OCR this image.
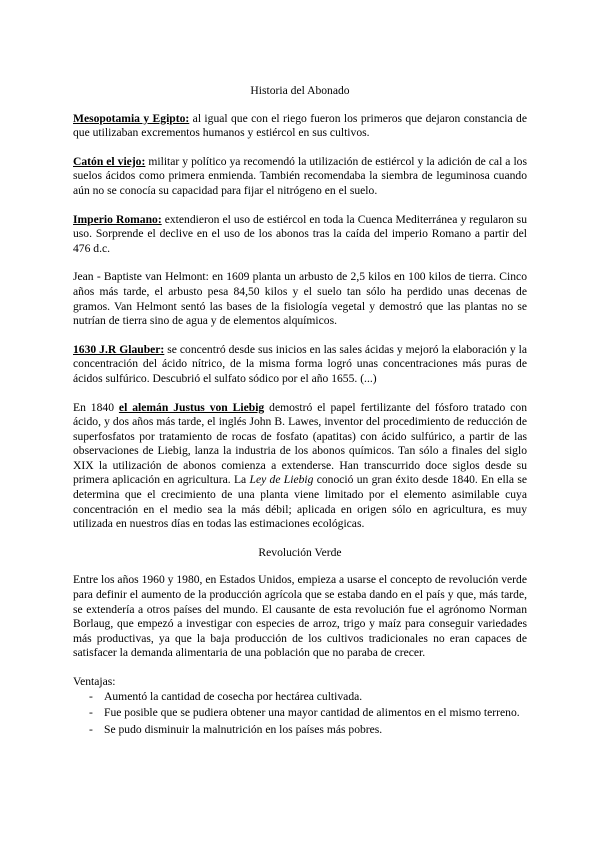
Historia del Abonado

Mesopotamia y Egipto: al igual que con el riego fueron los primeros que dejaron constancia de que utilizaban excrementos humanos y estiércol en sus cultivos.

Catón el viejo: militar y político ya recomendó la utilización de estiércol y la adición de cal a los suelos ácidos como primera enmienda. También recomendaba la siembra de leguminosa cuando aún no se conocía su capacidad para fijar el nitrógeno en el suelo.

Imperio Romano: extendieron el uso de estiércol en toda la Cuenca Mediterránea y regularon su uso. Sorprende el declive en el uso de los abonos tras la caída del imperio Romano a partir del 476 d.c.

Jean - Baptiste van Helmont: en 1609 planta un arbusto de 2,5 kilos en 100 kilos de tierra. Cinco años más tarde, el arbusto pesa 84,50 kilos y el suelo tan sólo ha perdido unas decenas de gramos. Van Helmont sentó las bases de la fisiología vegetal y demostró que las plantas no se nutrían de tierra sino de agua y de elementos alquímicos.

1630 J.R Glauber: se concentró desde sus inicios en las sales ácidas y mejoró la elaboración y la concentración del ácido nítrico, de la misma forma logró unas concentraciones más puras de ácidos sulfúrico. Descubrió el sulfato sódico por el año 1655. (...)

En 1840 el alemán Justus von Liebig demostró el papel fertilizante del fósforo tratado con ácido, y dos años más tarde, el inglés John B. Lawes, inventor del procedimiento de reducción de superfosfatos por tratamiento de rocas de fosfato (apatitas) con ácido sulfúrico, a partir de las observaciones de Liebig, lanza la industria de los abonos químicos. Tan sólo a finales del siglo XIX la utilización de abonos comienza a extenderse. Han transcurrido doce siglos desde su primera aplicación en agricultura. La Ley de Liebig conoció un gran éxito desde 1840. En ella se determina que el crecimiento de una planta viene limitado por el elemento asimilable cuya concentración en el medio sea la más débil; aplicada en origen sólo en agricultura, es muy utilizada en nuestros días en todas las estimaciones ecológicas.

Revolución Verde

Entre los años 1960 y 1980, en Estados Unidos, empieza a usarse el concepto de revolución verde para definir el aumento de la producción agrícola que se estaba dando en el país y que, más tarde, se extendería a otros países del mundo. El causante de esta revolución fue el agrónomo Norman Borlaug, que empezó a investigar con especies de arroz, trigo y maíz para conseguir variedades más productivas, ya que la baja producción de los cultivos tradicionales no eran capaces de satisfacer la demanda alimentaria de una población que no paraba de crecer.

Ventajas:
- Aumentó la cantidad de cosecha por hectárea cultivada.
- Fue posible que se pudiera obtener una mayor cantidad de alimentos en el mismo terreno.
- Se pudo disminuir la malnutrición en los países más pobres.
